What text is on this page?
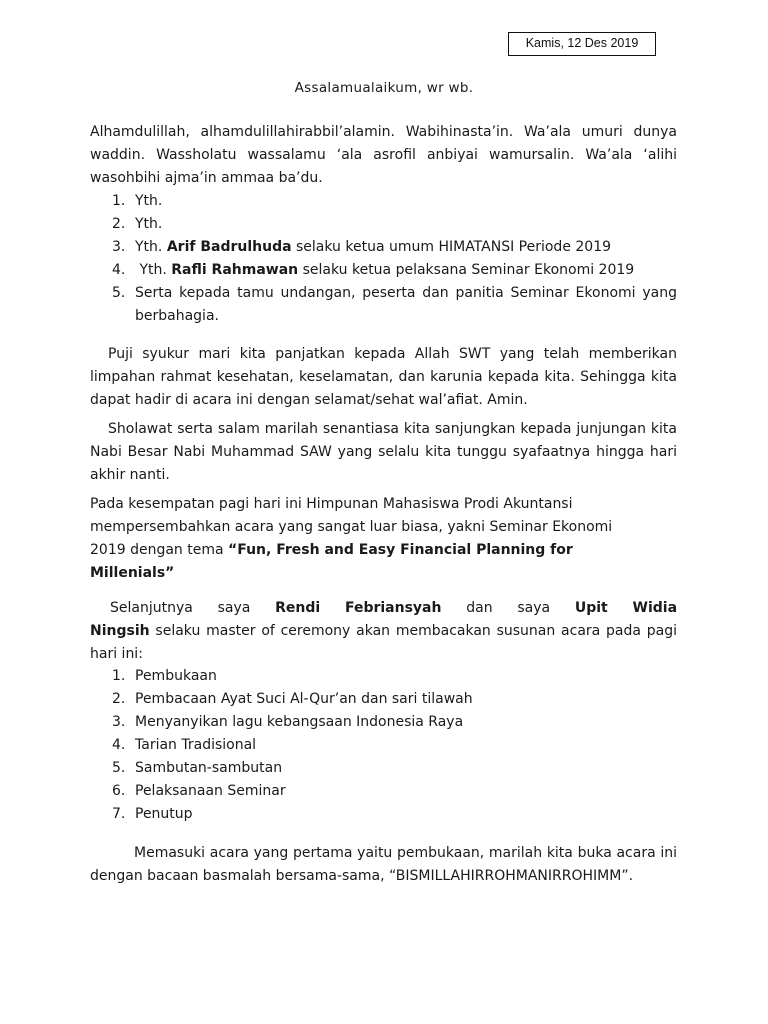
Kamis, 12 Des 2019
Assalamualaikum, wr wb.
Alhamdulillah, alhamdulillahirabbil’alamin. Wabihinasta’in. Wa’ala umuri dunya waddin. Wassholatu wassalamu ‘ala asrofil anbiyai wamursalin. Wa’ala ‘alihi wasohbihi ajma’in ammaa ba’du.
1. Yth.
2. Yth.
3. Yth. Arif Badrulhuda selaku ketua umum HIMATANSI Periode 2019
4. Yth. Rafli Rahmawan selaku ketua pelaksana Seminar Ekonomi 2019
5. Serta kepada tamu undangan, peserta dan panitia Seminar Ekonomi yang berbahagia.
Puji syukur mari kita panjatkan kepada Allah SWT yang telah memberikan limpahan rahmat kesehatan, keselamatan, dan karunia kepada kita. Sehingga kita dapat hadir di acara ini dengan selamat/sehat wal’afiat. Amin.
Sholawat serta salam marilah senantiasa kita sanjungkan kepada junjungan kita Nabi Besar Nabi Muhammad SAW yang selalu kita tunggu syafaatnya hingga hari akhir nanti.
Pada kesempatan pagi hari ini Himpunan Mahasiswa Prodi Akuntansi
mempersembahkan acara yang sangat luar biasa, yakni Seminar Ekonomi
2019 dengan tema “Fun, Fresh and Easy Financial Planning for
Millenials”
Selanjutnya saya Rendi Febriansyah dan saya Upit Widia
Ningsih selaku master of ceremony akan membacakan susunan acara pada pagi hari ini:
1. Pembukaan
2. Pembacaan Ayat Suci Al-Qur’an dan sari tilawah
3. Menyanyikan lagu kebangsaan Indonesia Raya
4. Tarian Tradisional
5. Sambutan-sambutan
6. Pelaksanaan Seminar
7. Penutup
Memasuki acara yang pertama yaitu pembukaan, marilah kita buka acara ini dengan bacaan basmalah bersama-sama, “BISMILLAHIRROHMANIRROHIMM”.
